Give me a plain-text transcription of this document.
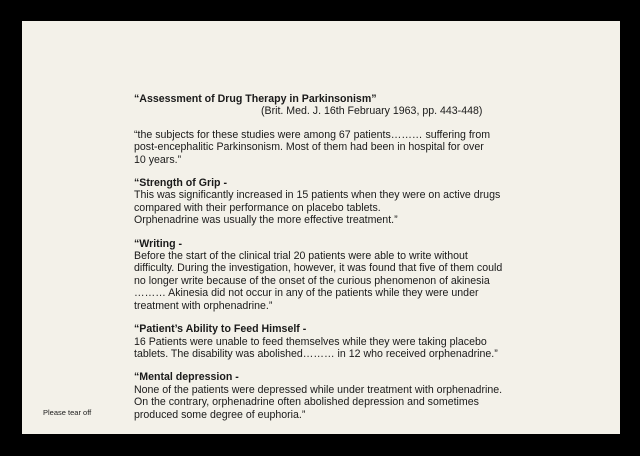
“Assessment of Drug Therapy in Parkinsonism”

(Brit. Med. J. 16th February 1963, pp. 443-448)

“the subjects for these studies were among 67 patients……… suffering from

post-encephalitic Parkinsonism. Most of them had been in hospital for over

10 years.”

“Strength of Grip -

This was significantly increased in 15 patients when they were on active drugs

compared with their performance on placebo tablets.

Orphenadrine was usually the more effective treatment.”

“Writing -

Before the start of the clinical trial 20 patients were able to write without

difficulty. During the investigation, however, it was found that five of them could

no longer write because of the onset of the curious phenomenon of akinesia

……… Akinesia did not occur in any of the patients while they were under

treatment with orphenadrine.”

“Patient’s Ability to Feed Himself -

16 Patients were unable to feed themselves while they were taking placebo

tablets. The disability was abolished……… in 12 who received orphenadrine.”

“Mental depression -

None of the patients were depressed while under treatment with orphenadrine.

On the contrary, orphenadrine often abolished depression and sometimes

produced some degree of euphoria.”

Please tear off
